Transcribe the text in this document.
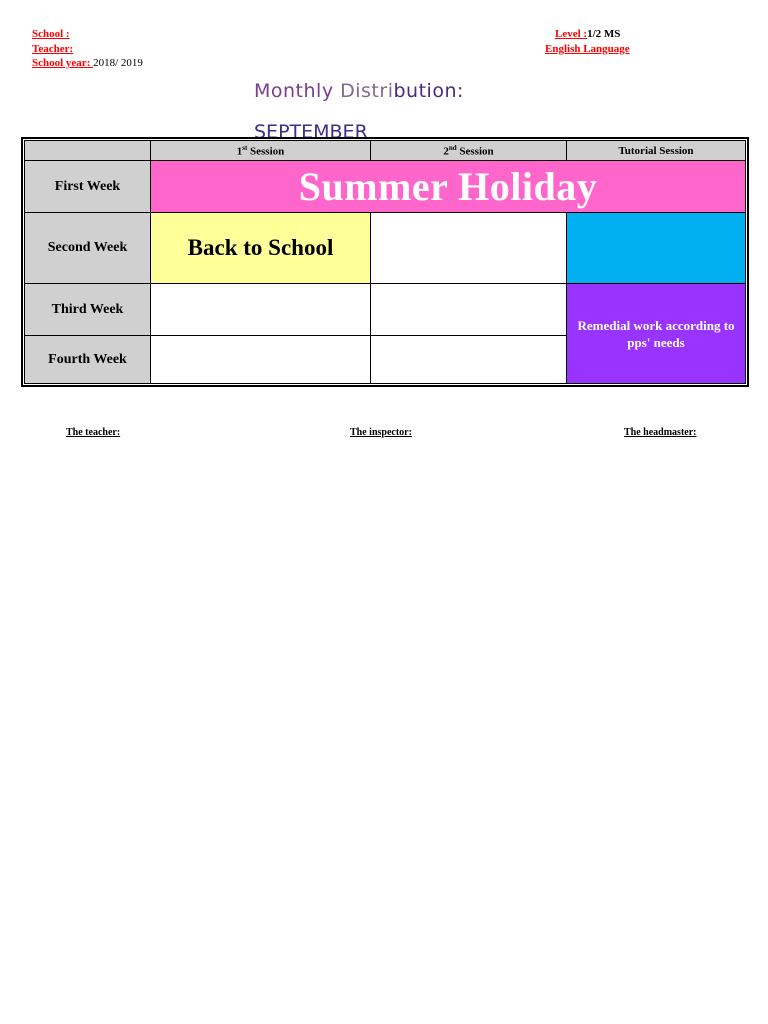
School :
Teacher:
School year: 2018/ 2019
Level :1/2 MS
English Language
Monthly Distribution:
SEPTEMBER
	1st Session	2nd Session	Tutorial Session
First Week	Summer Holiday		
Second Week	Back to School		
Third Week			Remedial work according to pps' needs
Fourth Week			
The teacher:	The inspector:	The headmaster:
